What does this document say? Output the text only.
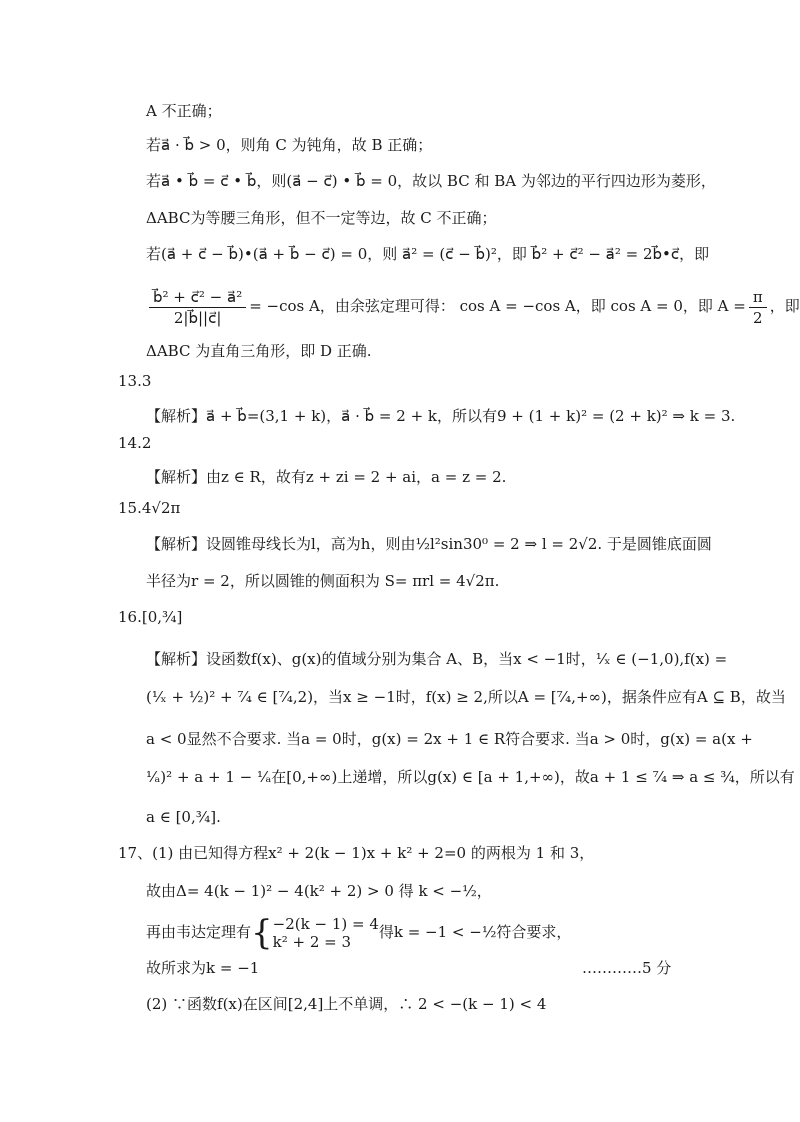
A 不正确；
若a⃗ · b⃗ > 0，则角 C 为钝角，故 B 正确；
若a⃗ • b⃗ = c⃗ • b⃗，则(a⃗ − c⃗) • b⃗ = 0，故以 BC 和 BA 为邻边的平行四边形为菱形，
ΔABC为等腰三角形，但不一定等边，故 C 不正确；
若(a⃗ + c⃗ − b⃗)•(a⃗ + b⃗ − c⃗) = 0，则 a⃗² = (c⃗ − b⃗)²，即 b⃗² + c⃗² − a⃗² = 2b⃗•c⃗，即
$\frac{\text{b⃗² + c⃗² − a⃗²}}{2|b⃗||c⃗|} = -\cos$ A，由余弦定理可得： cos A = −cos A，即 cos A = 0，即 $A = \frac{\pi}{2}$ ，即
ΔABC 为直角三角形，即 D 正确.
13.3
【解析】a⃗ + b⃗=(3,1 + k)，a⃗ · b⃗ = 2 + k，所以有9 + (1 + k)² = (2 + k)² ⇒ k = 3.
14.2
【解析】由z ∈ R，故有z + zi = 2 + ai，a = z = 2.
15.4√2π
【解析】设圆锥母线长为l，高为h，则由½l²sin30⁰ = 2 ⇒ l = 2√2. 于是圆锥底面圆
半径为r = 2，所以圆锥的侧面积为 S= πrl = 4√2π.
16.[0,¾]
【解析】设函数f(x)、g(x)的值域分别为集合 A、B，当x < −1时，¹⁄ₓ ∈ (−1,0),f(x) =
(¹⁄ₓ + ½)² + ⁷⁄₄ ∈ [⁷⁄₄,2)，当x ≥ −1时，f(x) ≥ 2,所以A = [⁷⁄₄,+∞)，据条件应有A ⊆ B，故当
a < 0显然不合要求. 当a = 0时，g(x) = 2x + 1 ∈ R符合要求. 当a > 0时，g(x) = a(x +
¹⁄ₐ)² + a + 1 − ¹⁄ₐ在[0,+∞)上递增，所以g(x) ∈ [a + 1,+∞)，故a + 1 ≤ ⁷⁄₄ ⇒ a ≤ ¾，所以有
a ∈ [0,¾].
17、(1) 由已知得方程x² + 2(k − 1)x + k² + 2=0 的两根为 1 和 3，
故由Δ= 4(k − 1)² − 4(k² + 2) > 0 得 k < −½，
再由韦达定理有{ −2(k − 1) = 4
k² + 2 = 3
得k = −1 < −½符合要求，
故所求为k = −1	…………5 分
(2) ∵函数f(x)在区间[2,4]上不单调，∴ 2 < −(k − 1) < 4
